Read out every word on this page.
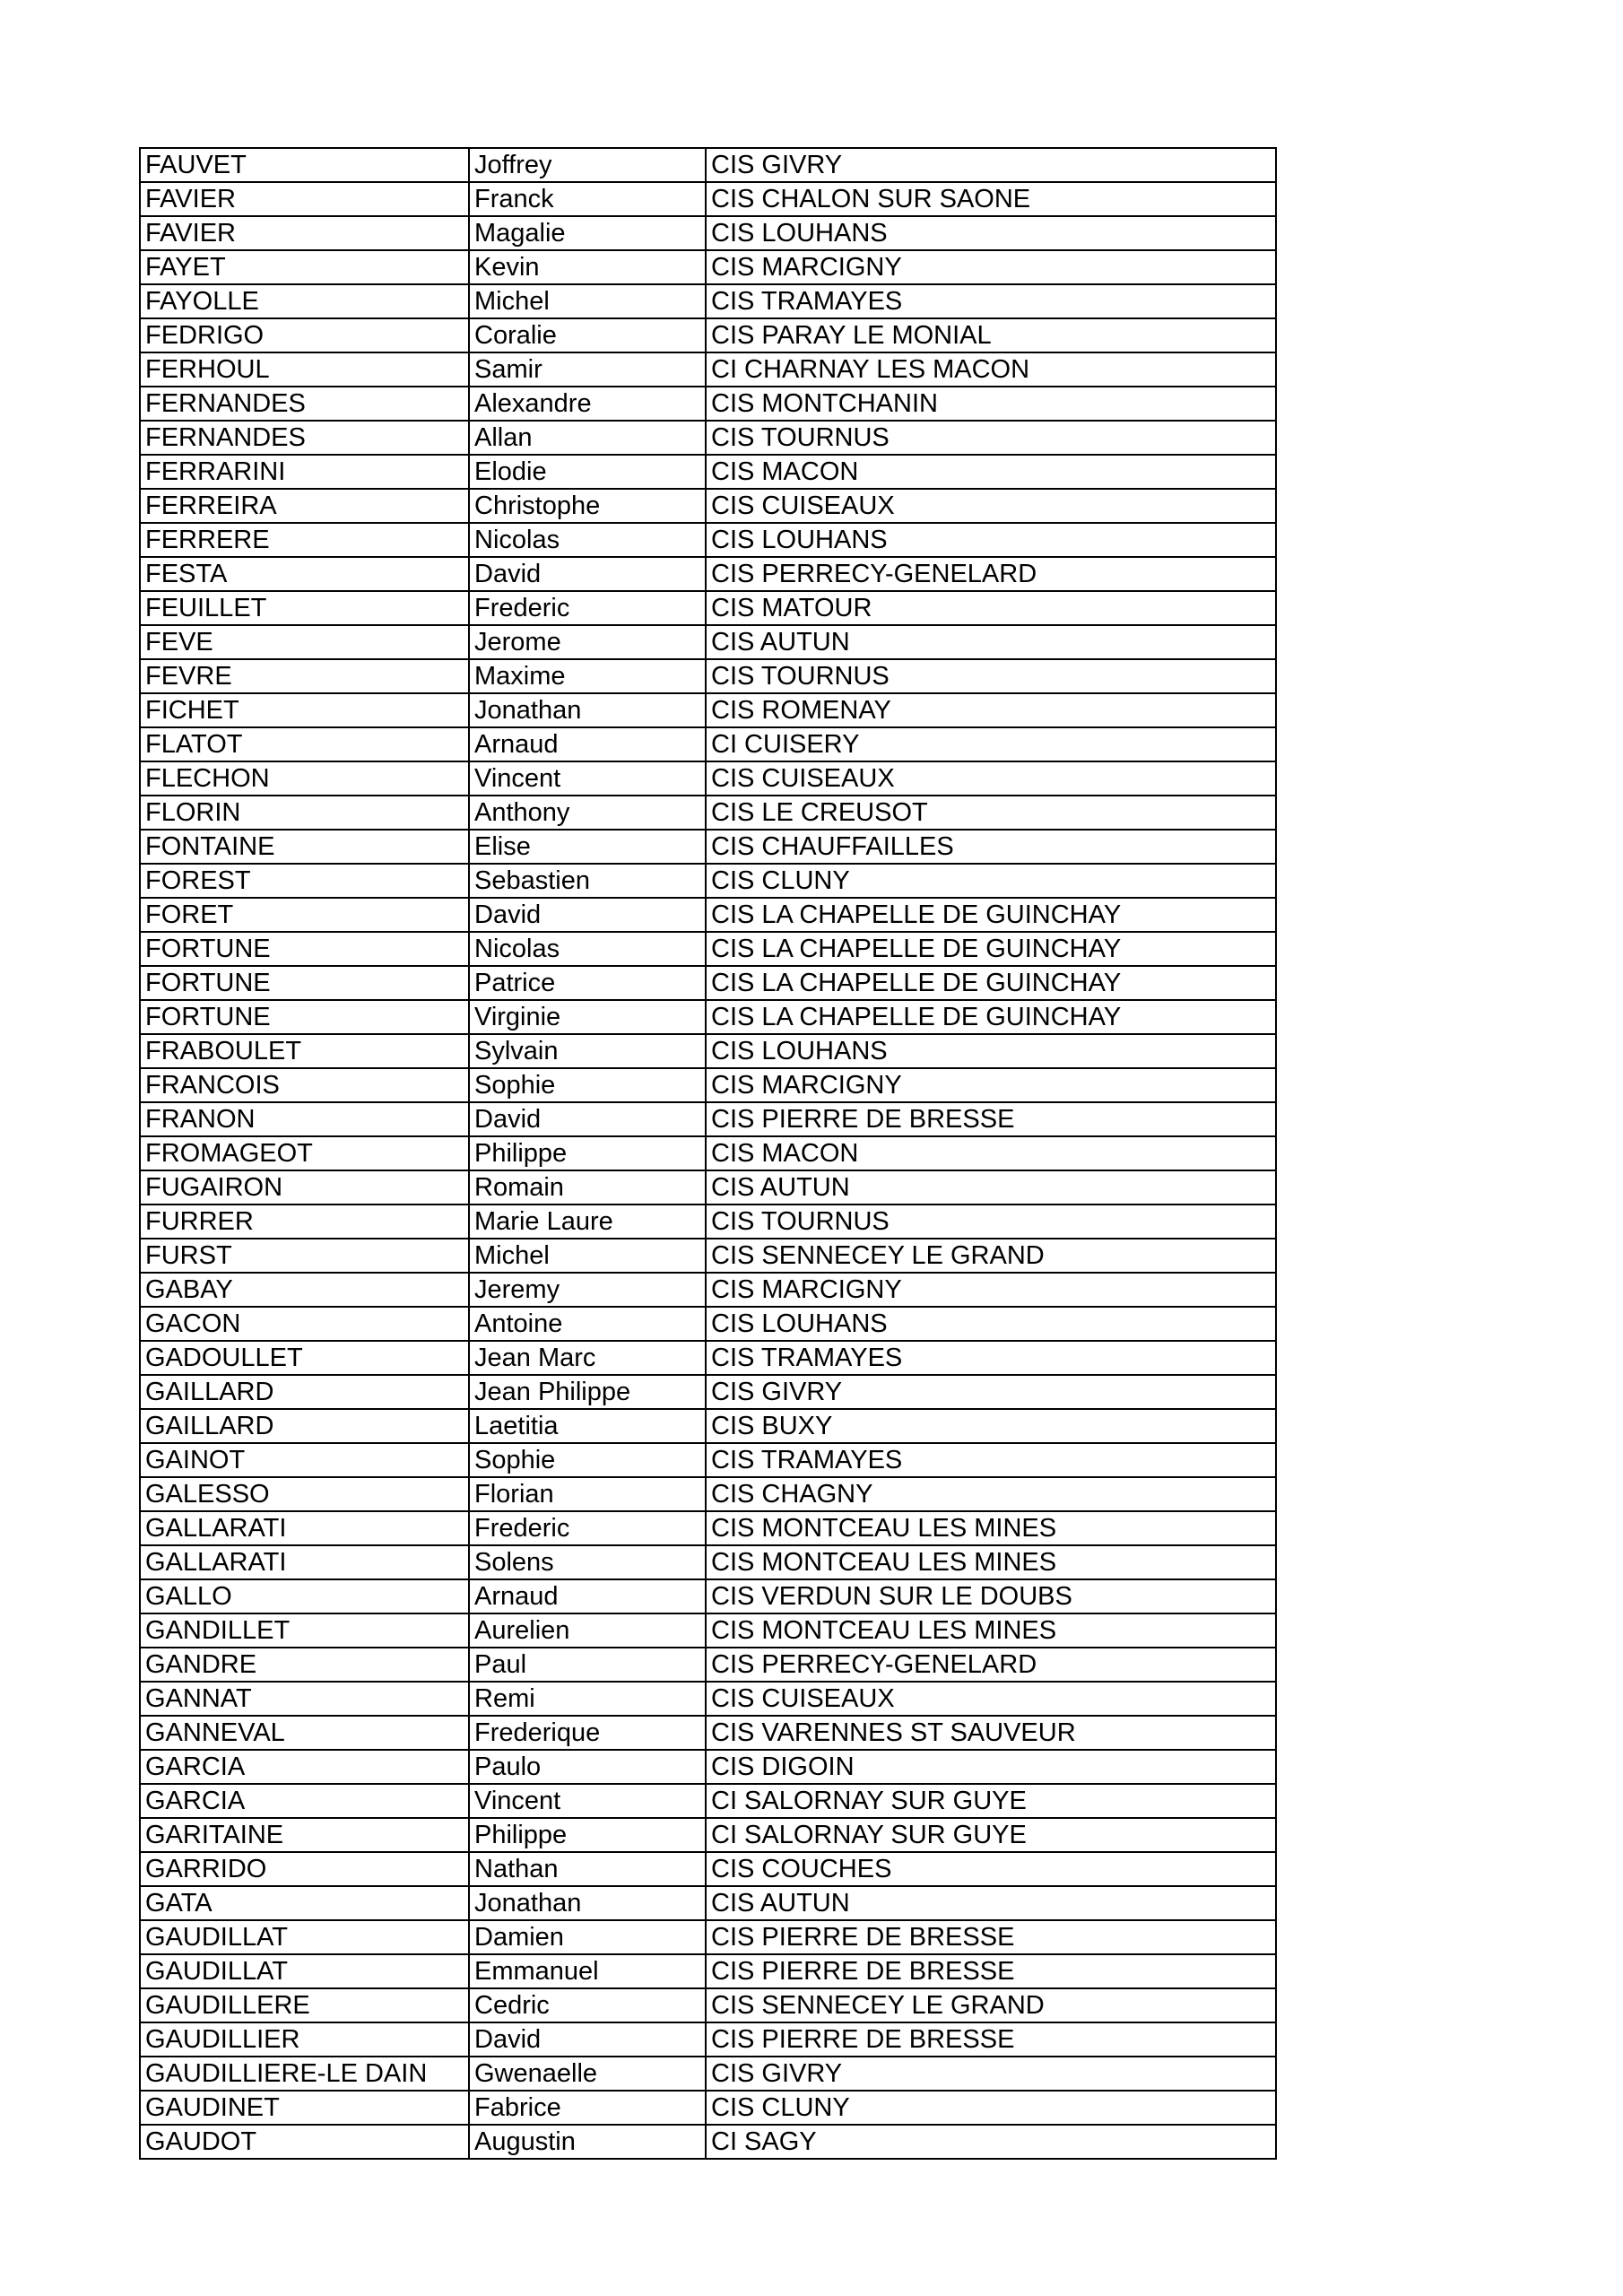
FAUVET	Joffrey	CIS GIVRY
FAVIER	Franck	CIS CHALON SUR SAONE
FAVIER	Magalie	CIS LOUHANS
FAYET	Kevin	CIS MARCIGNY
FAYOLLE	Michel	CIS TRAMAYES
FEDRIGO	Coralie	CIS PARAY LE MONIAL
FERHOUL	Samir	CI CHARNAY LES MACON
FERNANDES	Alexandre	CIS MONTCHANIN
FERNANDES	Allan	CIS TOURNUS
FERRARINI	Elodie	CIS MACON
FERREIRA	Christophe	CIS CUISEAUX
FERRERE	Nicolas	CIS LOUHANS
FESTA	David	CIS PERRECY-GENELARD
FEUILLET	Frederic	CIS MATOUR
FEVE	Jerome	CIS AUTUN
FEVRE	Maxime	CIS TOURNUS
FICHET	Jonathan	CIS ROMENAY
FLATOT	Arnaud	CI CUISERY
FLECHON	Vincent	CIS CUISEAUX
FLORIN	Anthony	CIS LE CREUSOT
FONTAINE	Elise	CIS CHAUFFAILLES
FOREST	Sebastien	CIS CLUNY
FORET	David	CIS LA CHAPELLE DE GUINCHAY
FORTUNE	Nicolas	CIS LA CHAPELLE DE GUINCHAY
FORTUNE	Patrice	CIS LA CHAPELLE DE GUINCHAY
FORTUNE	Virginie	CIS LA CHAPELLE DE GUINCHAY
FRABOULET	Sylvain	CIS LOUHANS
FRANCOIS	Sophie	CIS MARCIGNY
FRANON	David	CIS PIERRE DE BRESSE
FROMAGEOT	Philippe	CIS MACON
FUGAIRON	Romain	CIS AUTUN
FURRER	Marie Laure	CIS TOURNUS
FURST	Michel	CIS SENNECEY LE GRAND
GABAY	Jeremy	CIS MARCIGNY
GACON	Antoine	CIS LOUHANS
GADOULLET	Jean Marc	CIS TRAMAYES
GAILLARD	Jean Philippe	CIS GIVRY
GAILLARD	Laetitia	CIS BUXY
GAINOT	Sophie	CIS TRAMAYES
GALESSO	Florian	CIS CHAGNY
GALLARATI	Frederic	CIS MONTCEAU LES MINES
GALLARATI	Solens	CIS MONTCEAU LES MINES
GALLO	Arnaud	CIS VERDUN SUR LE DOUBS
GANDILLET	Aurelien	CIS MONTCEAU LES MINES
GANDRE	Paul	CIS PERRECY-GENELARD
GANNAT	Remi	CIS CUISEAUX
GANNEVAL	Frederique	CIS VARENNES ST SAUVEUR
GARCIA	Paulo	CIS DIGOIN
GARCIA	Vincent	CI SALORNAY SUR GUYE
GARITAINE	Philippe	CI SALORNAY SUR GUYE
GARRIDO	Nathan	CIS COUCHES
GATA	Jonathan	CIS AUTUN
GAUDILLAT	Damien	CIS PIERRE DE BRESSE
GAUDILLAT	Emmanuel	CIS PIERRE DE BRESSE
GAUDILLERE	Cedric	CIS SENNECEY LE GRAND
GAUDILLIER	David	CIS PIERRE DE BRESSE
GAUDILLIERE-LE DAIN	Gwenaelle	CIS GIVRY
GAUDINET	Fabrice	CIS CLUNY
GAUDOT	Augustin	CI SAGY
